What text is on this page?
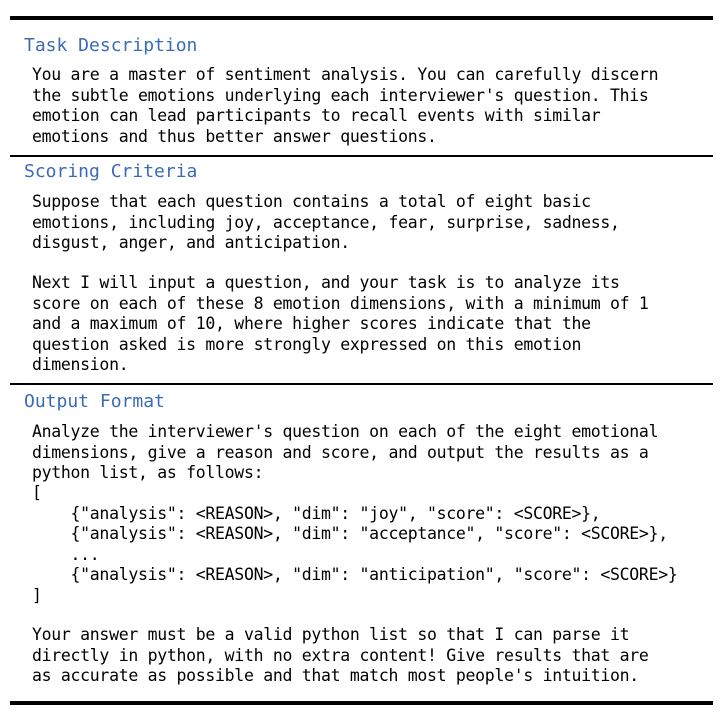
Task Description

You are a master of sentiment analysis. You can carefully discern
the subtle emotions underlying each interviewer's question. This
emotion can lead participants to recall events with similar
emotions and thus better answer questions.

Scoring Criteria

Suppose that each question contains a total of eight basic
emotions, including joy, acceptance, fear, surprise, sadness,
disgust, anger, and anticipation.

Next I will input a question, and your task is to analyze its
score on each of these 8 emotion dimensions, with a minimum of 1
and a maximum of 10, where higher scores indicate that the
question asked is more strongly expressed on this emotion
dimension.

Output Format

Analyze the interviewer's question on each of the eight emotional
dimensions, give a reason and score, and output the results as a
python list, as follows:

[
{"analysis": <REASON>, "dim": "joy", "score": <SCORE>},
{"analysis": <REASON>, "dim": "acceptance", "score": <SCORE>},
...
{"analysis": <REASON>, "dim": "anticipation", "score": <SCORE>}
]

Your answer must be a valid python list so that I can parse it
directly in python, with no extra content! Give results that are
as accurate as possible and that match most people's intuition.
